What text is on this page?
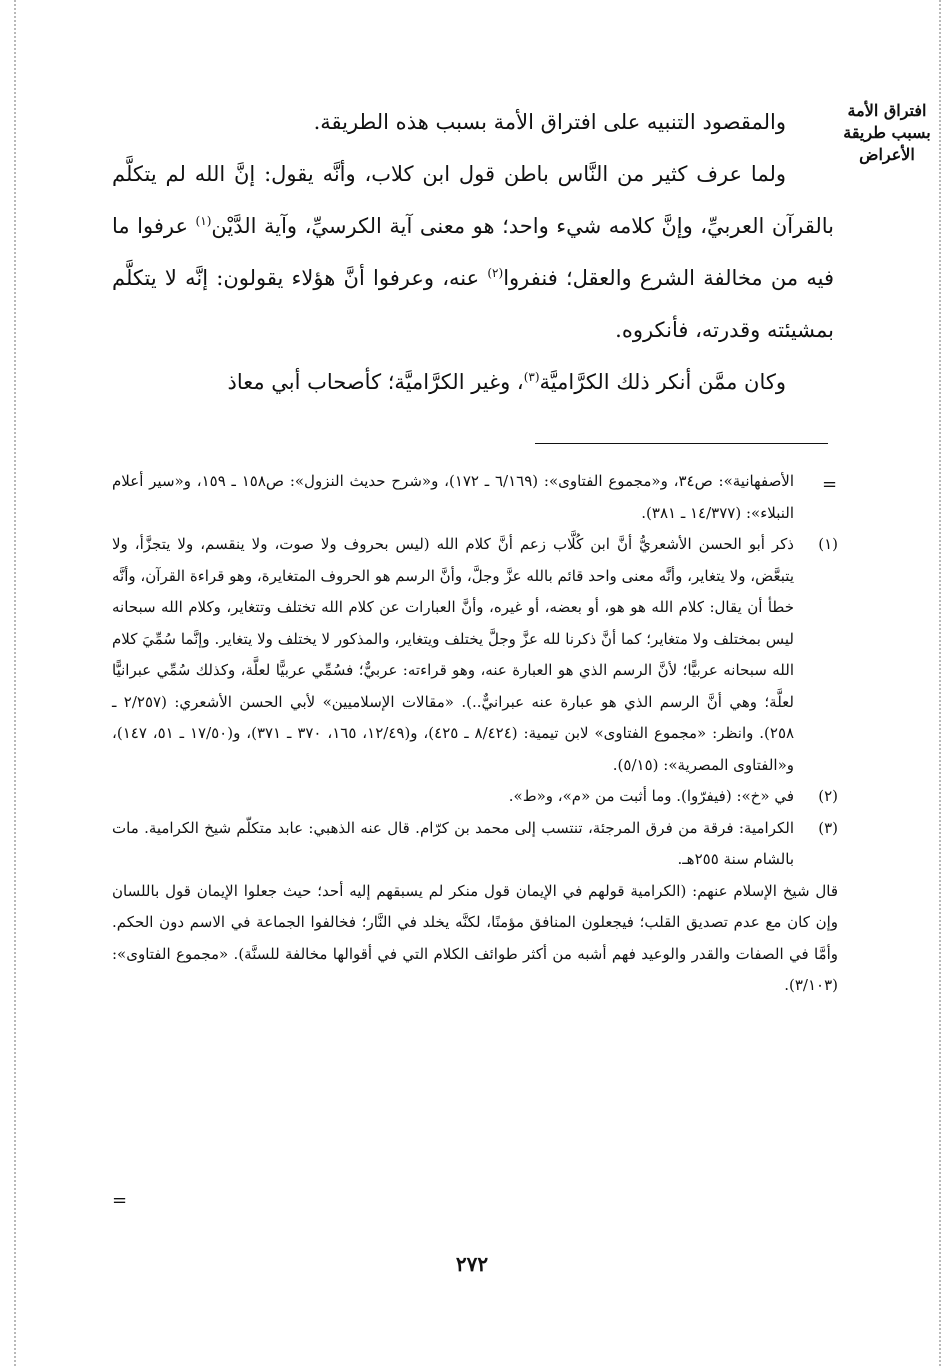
افتراق الأمة بسبب طريقة الأعراض

والمقصود التنبيه على افتراق الأمة بسبب هذه الطريقة.

ولما عرف كثير من النَّاس باطن قول ابن كلاب، وأنَّه يقول: إنَّ الله لم يتكلَّم بالقرآن العربيِّ، وإنَّ كلامه شيء واحد؛ هو معنى آية الكرسيِّ، وآية الدَّيْن$^{(١)}$ عرفوا ما فيه من مخالفة الشرع والعقل؛ فنفروا$^{(٢)}$ عنه، وعرفوا أنَّ هؤلاء يقولون: إنَّه لا يتكلَّم بمشيئته وقدرته، فأنكروه.

وكان ممَّن أنكر ذلك الكرَّاميَّة$^{(٣)}$، وغير الكرَّاميَّة؛ كأصحاب أبي معاذ

=
الأصفهانية»: ص٣٤، و«مجموع الفتاوى»: (٦/١٦٩ ـ ١٧٢)، و«شرح حديث النزول»: ص١٥٨ ـ ١٥٩، و«سير أعلام النبلاء»: (١٤/٣٧٧ ـ ٣٨١).
(١)
ذكر أبو الحسن الأشعريُّ أنَّ ابن كُلَّاب زعم أنَّ كلام الله (ليس بحروف ولا صوت، ولا ينقسم، ولا يتجزَّأ، ولا يتبعَّض، ولا يتغاير، وأنَّه معنى واحد قائم بالله عزَّ وجلَّ، وأنَّ الرسم هو الحروف المتغايرة، وهو قراءة القرآن، وأنَّه خطأ أن يقال: كلام الله هو هو، أو بعضه، أو غيره، وأنَّ العبارات عن كلام الله تختلف وتتغاير، وكلام الله سبحانه ليس بمختلف ولا متغاير؛ كما أنَّ ذكرنا لله عزَّ وجلَّ يختلف ويتغاير، والمذكور لا يختلف ولا يتغاير. وإنَّما سُمِّيَ كلام الله سبحانه عربيًّا؛ لأنَّ الرسم الذي هو العبارة عنه، وهو قراءته: عربيٌّ؛ فسُمِّي عربيًّا لعلَّة، وكذلك سُمِّي عبرانيًّا لعلَّة؛ وهي أنَّ الرسم الذي هو عبارة عنه عبرانيٌّ..). «مقالات الإسلاميين» لأبي الحسن الأشعري: (٢/٢٥٧ ـ ٢٥٨). وانظر: «مجموع الفتاوى» لابن تيمية: (٨/٤٢٤ ـ ٤٢٥)، و(١٢/٤٩، ١٦٥، ٣٧٠ ـ ٣٧١)، و(١٧/٥٠ ـ ٥١، ١٤٧)، و«الفتاوى المصرية»: (٥/١٥).
(٢)
في «خ»: (فيفرّوا). وما أثبت من «م»، و«ط».
(٣)
الكرامية: فرقة من فرق المرجئة، تنتسب إلى محمد بن كرّام. قال عنه الذهبي: عابد متكلّم شيخ الكرامية. مات بالشام سنة ٢٥٥هـ.
قال شيخ الإسلام عنهم: (الكرامية قولهم في الإيمان قول منكر لم يسبقهم إليه أحد؛ حيث جعلوا الإيمان قول باللسان وإن كان مع عدم تصديق القلب؛ فيجعلون المنافق مؤمنًا، لكنَّه يخلد في النَّار؛ فخالفوا الجماعة في الاسم دون الحكم. وأمَّا في الصفات والقدر والوعيد فهم أشبه من أكثر طوائف الكلام التي في أقوالها مخالفة للسنَّة). «مجموع الفتاوى»: (٣/١٠٣).
=
٢٧٢
